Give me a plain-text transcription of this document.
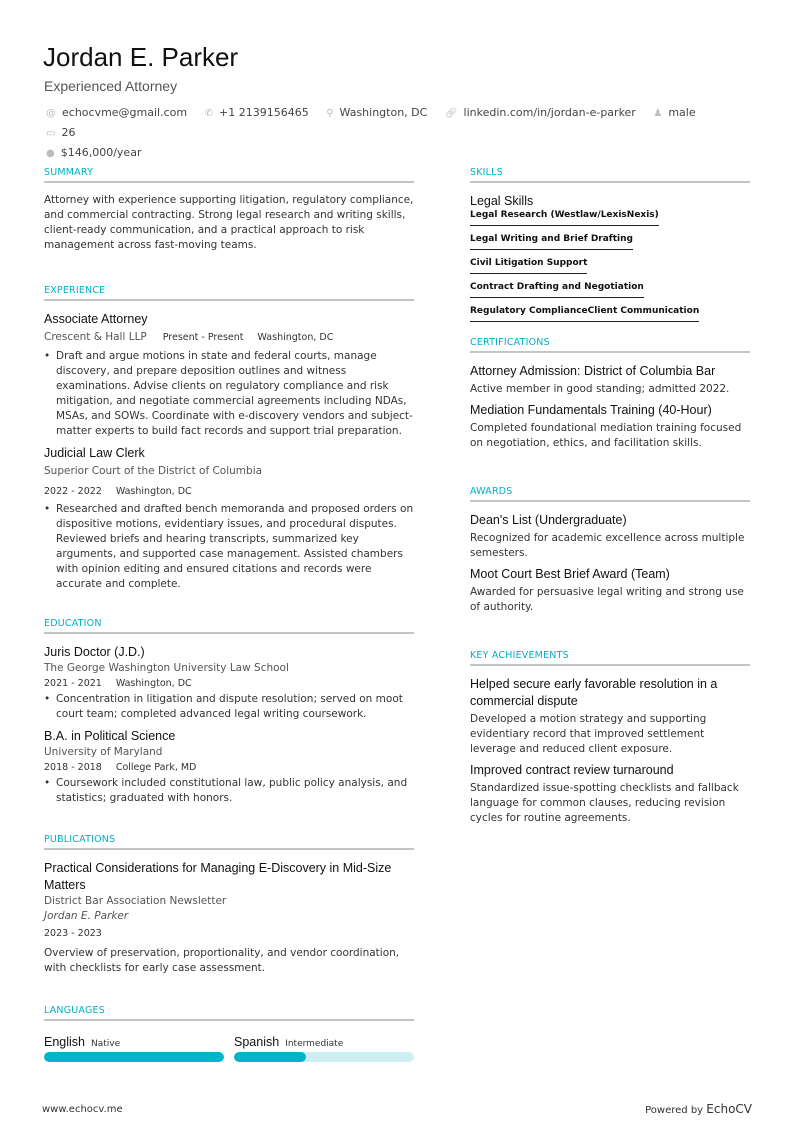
Jordan E. Parker
Experienced Attorney
@ echocvme@gmail.com ✆ +1 2139156465 ⚲ Washington, DC 🔗︎ linkedin.com/in/jordan-e-parker ♟ male ▭ 26
● $146,000/year
SUMMARY
Attorney with experience supporting litigation, regulatory compliance, and commercial contracting. Strong legal research and writing skills, client-ready communication, and a practical approach to risk management across fast-moving teams.
EXPERIENCE
Associate Attorney
Crescent & Hall LLP Present - Present Washington, DC
• Draft and argue motions in state and federal courts, manage discovery, and prepare deposition outlines and witness examinations. Advise clients on regulatory compliance and risk mitigation, and negotiate commercial agreements including NDAs, MSAs, and SOWs. Coordinate with e-discovery vendors and subject-matter experts to build fact records and support trial preparation.
Judicial Law Clerk
Superior Court of the District of Columbia
2022 - 2022 Washington, DC
• Researched and drafted bench memoranda and proposed orders on dispositive motions, evidentiary issues, and procedural disputes. Reviewed briefs and hearing transcripts, summarized key arguments, and supported case management. Assisted chambers with opinion editing and ensured citations and records were accurate and complete.
EDUCATION
Juris Doctor (J.D.)
The George Washington University Law School
2021 - 2021 Washington, DC
• Concentration in litigation and dispute resolution; served on moot court team; completed advanced legal writing coursework.
B.A. in Political Science
University of Maryland
2018 - 2018 College Park, MD
• Coursework included constitutional law, public policy analysis, and statistics; graduated with honors.
PUBLICATIONS
Practical Considerations for Managing E-Discovery in Mid-Size Matters
District Bar Association Newsletter
Jordan E. Parker
2023 - 2023
Overview of preservation, proportionality, and vendor coordination, with checklists for early case assessment.
LANGUAGES
English Native	Spanish Intermediate
SKILLS
Legal Skills
Legal Research (Westlaw/LexisNexis)
Legal Writing and Brief Drafting
Civil Litigation Support
Contract Drafting and Negotiation
Regulatory Compliance Client Communication
CERTIFICATIONS
Attorney Admission: District of Columbia Bar
Active member in good standing; admitted 2022.
Mediation Fundamentals Training (40-Hour)
Completed foundational mediation training focused on negotiation, ethics, and facilitation skills.
AWARDS
Dean's List (Undergraduate)
Recognized for academic excellence across multiple semesters.
Moot Court Best Brief Award (Team)
Awarded for persuasive legal writing and strong use of authority.
KEY ACHIEVEMENTS
Helped secure early favorable resolution in a commercial dispute
Developed a motion strategy and supporting evidentiary record that improved settlement leverage and reduced client exposure.
Improved contract review turnaround
Standardized issue-spotting checklists and fallback language for common clauses, reducing revision cycles for routine agreements.
www.echocv.me	Powered by EchoCV
